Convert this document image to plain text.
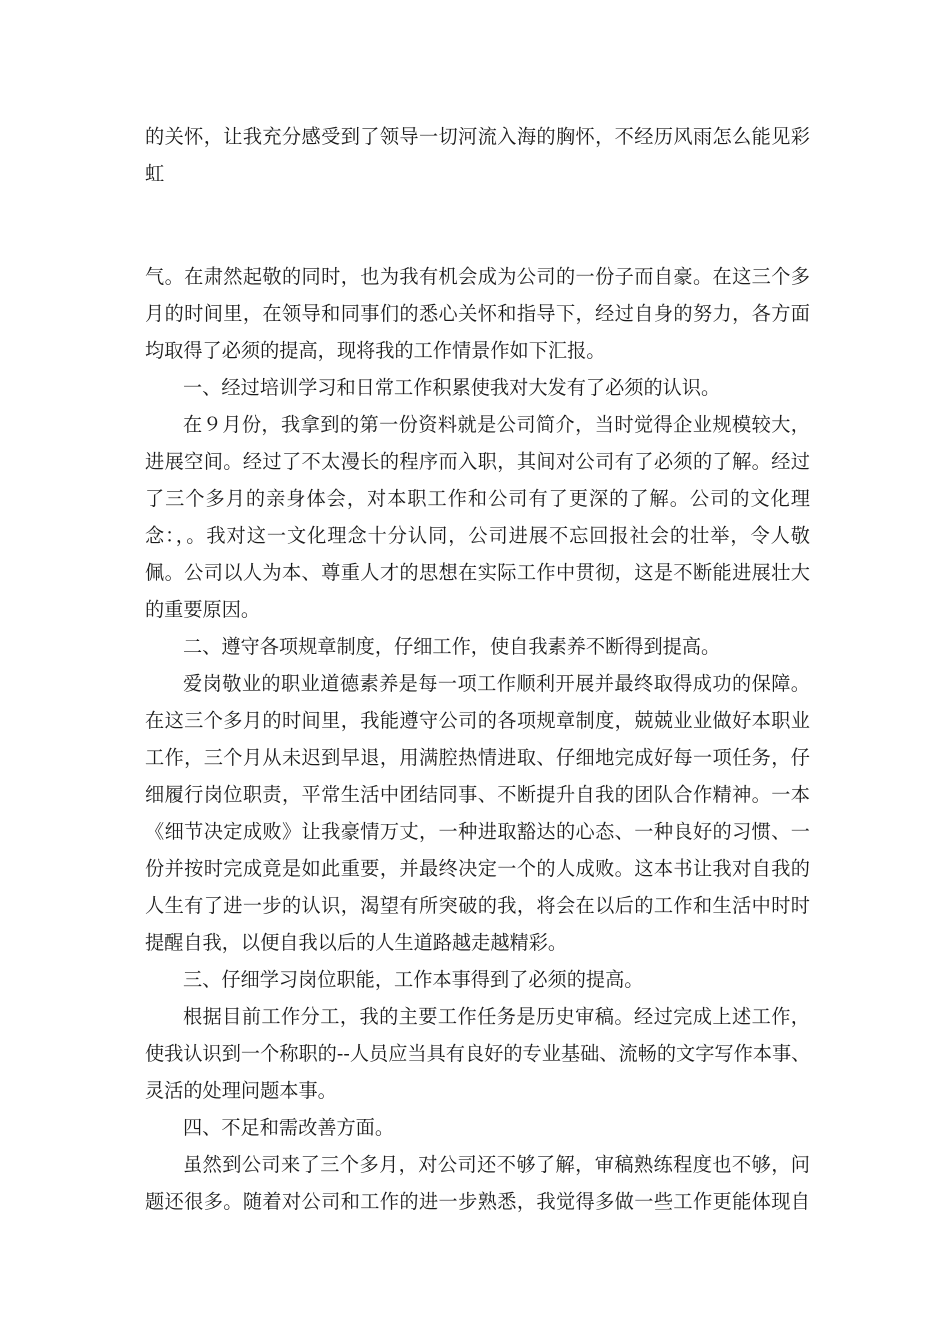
的关怀，让我充分感受到了领导一切河流入海的胸怀，不经历风雨怎么能见彩

虹

气。在肃然起敬的同时，也为我有机会成为公司的一份子而自豪。在这三个多

月的时间里，在领导和同事们的悉心关怀和指导下，经过自身的努力，各方面

均取得了必须的提高，现将我的工作情景作如下汇报。

一、经过培训学习和日常工作积累使我对大发有了必须的认识。

在９月份，我拿到的第一份资料就是公司简介，当时觉得企业规模较大，

进展空间。经过了不太漫长的程序而入职，其间对公司有了必须的了解。经过

了三个多月的亲身体会，对本职工作和公司有了更深的了解。公司的文化理

念：，。我对这一文化理念十分认同，公司进展不忘回报社会的壮举，令人敬

佩。公司以人为本、尊重人才的思想在实际工作中贯彻，这是不断能进展壮大

的重要原因。

二、遵守各项规章制度，仔细工作，使自我素养不断得到提高。

爱岗敬业的职业道德素养是每一项工作顺利开展并最终取得成功的保障。

在这三个多月的时间里，我能遵守公司的各项规章制度，兢兢业业做好本职业

工作，三个月从未迟到早退，用满腔热情进取、仔细地完成好每一项任务，仔

细履行岗位职责，平常生活中团结同事、不断提升自我的团队合作精神。一本

《细节决定成败》让我豪情万丈，一种进取豁达的心态、一种良好的习惯、一

份并按时完成竟是如此重要，并最终决定一个的人成败。这本书让我对自我的

人生有了进一步的认识，渴望有所突破的我，将会在以后的工作和生活中时时

提醒自我，以便自我以后的人生道路越走越精彩。

三、仔细学习岗位职能，工作本事得到了必须的提高。

根据目前工作分工，我的主要工作任务是历史审稿。经过完成上述工作，

使我认识到一个称职的--人员应当具有良好的专业基础、流畅的文字写作本事、

灵活的处理问题本事。

四、不足和需改善方面。

虽然到公司来了三个多月，对公司还不够了解，审稿熟练程度也不够，问

题还很多。随着对公司和工作的进一步熟悉，我觉得多做一些工作更能体现自
